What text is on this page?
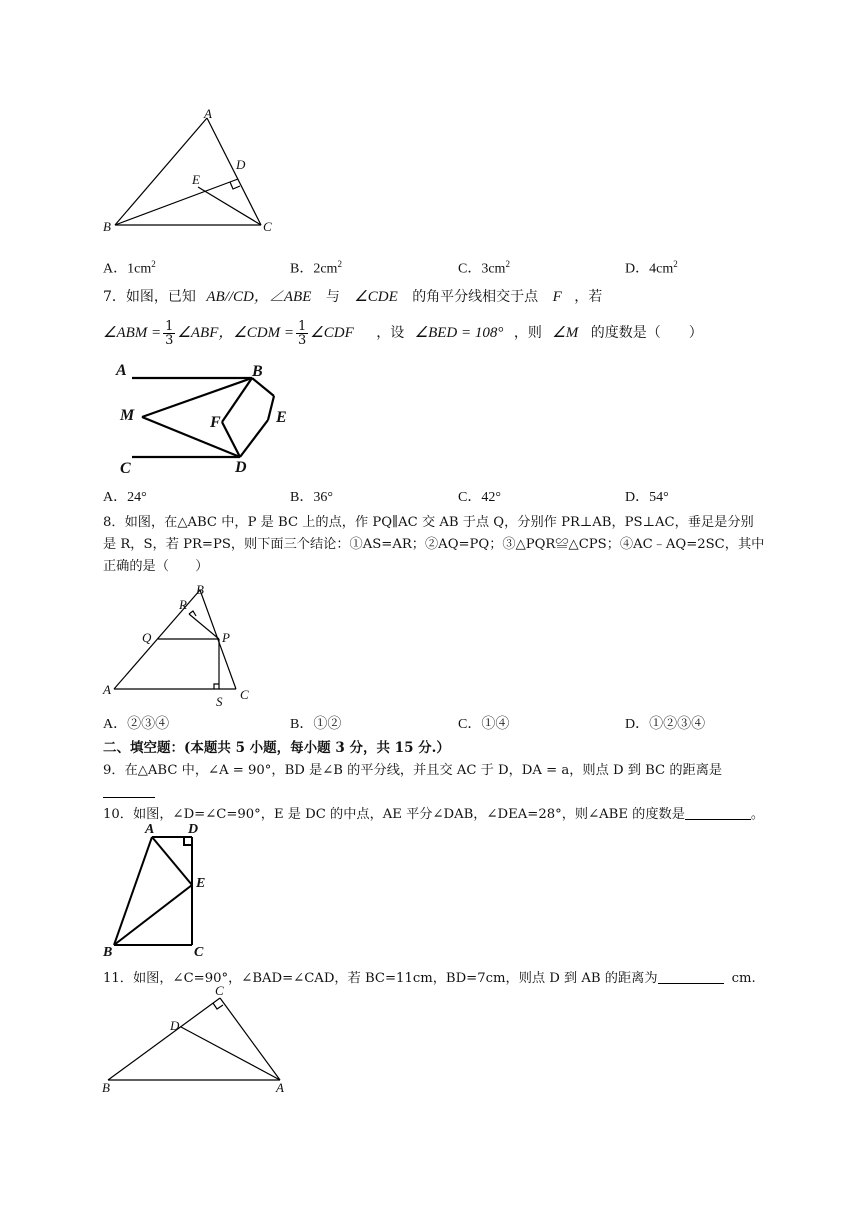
A
D
E
B	C
A．$1cm^2$	B．$2cm^2$	C．$3cm^2$	D．$4cm^2$
7．如图，已知 AB//CD，∠ABE 与 ∠CDE 的角平分线相交于点 F ，若
∠ABM = $\frac{1}{3}$ ∠ABF，∠CDM = $\frac{1}{3}$ ∠CDF ，设 ∠BED = 108° ，则 ∠M 的度数是（　　）
A	B
M	F	E
C	D
A．24°	B．36°	C．42°	D．54°
8．如图，在△ABC 中，P 是 BC 上的点，作 PQ∥AC 交 AB 于点 Q，分别作 PR⊥AB，PS⊥AC，垂足是分别
是 R，S，若 PR=PS，则下面三个结论：①AS=AR；②AQ=PQ；③△PQR≌△CPS；④AC﹣AQ=2SC，其中
正确的是（　　）
B
R
Q	P
A
S C
A．②③④	B．①②	C．①④	D．①②③④
二、填空题：(本题共 5 小题，每小题 3 分，共 15 分.）
9．在△ABC 中，∠A = 90°，BD 是∠B 的平分线，并且交 AC 于 D，DA = a，则点 D 到 BC 的距离是
10．如图，∠D=∠C=90°，E 是 DC 的中点，AE 平分∠DAB，∠DEA=28°，则∠ABE 的度数是	。
A D
E
B	C
11．如图，∠C=90°，∠BAD=∠CAD，若 BC=11cm，BD=7cm，则点 D 到 AB 的距离为	cm.
C
D
B	A
